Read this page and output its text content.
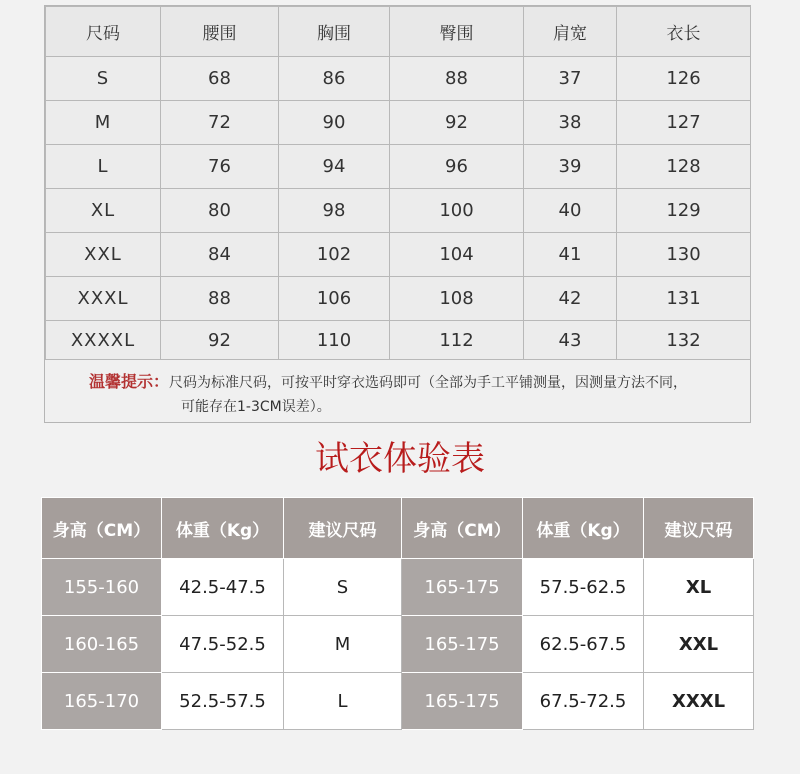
尺码	腰围	胸围	臀围	肩宽	衣长
S	68	86	88	37	126
M	72	90	92	38	127
L	76	94	96	39	128
XL	80	98	100	40	129
XXL	84	102	104	41	130
XXXL	88	106	108	42	131
XXXXL	92	110	112	43	132
温馨提示：尺码为标准尺码，可按平时穿衣选码即可（全部为手工平铺测量，因测量方法不同，
可能存在1-3CM误差）。
试衣体验表
身高（CM）	体重（Kg）	建议尺码	身高（CM）	体重（Kg）	建议尺码
155-160	42.5-47.5	S	165-175	57.5-62.5	XL
160-165	47.5-52.5	M	165-175	62.5-67.5	XXL
165-170	52.5-57.5	L	165-175	67.5-72.5	XXXL
